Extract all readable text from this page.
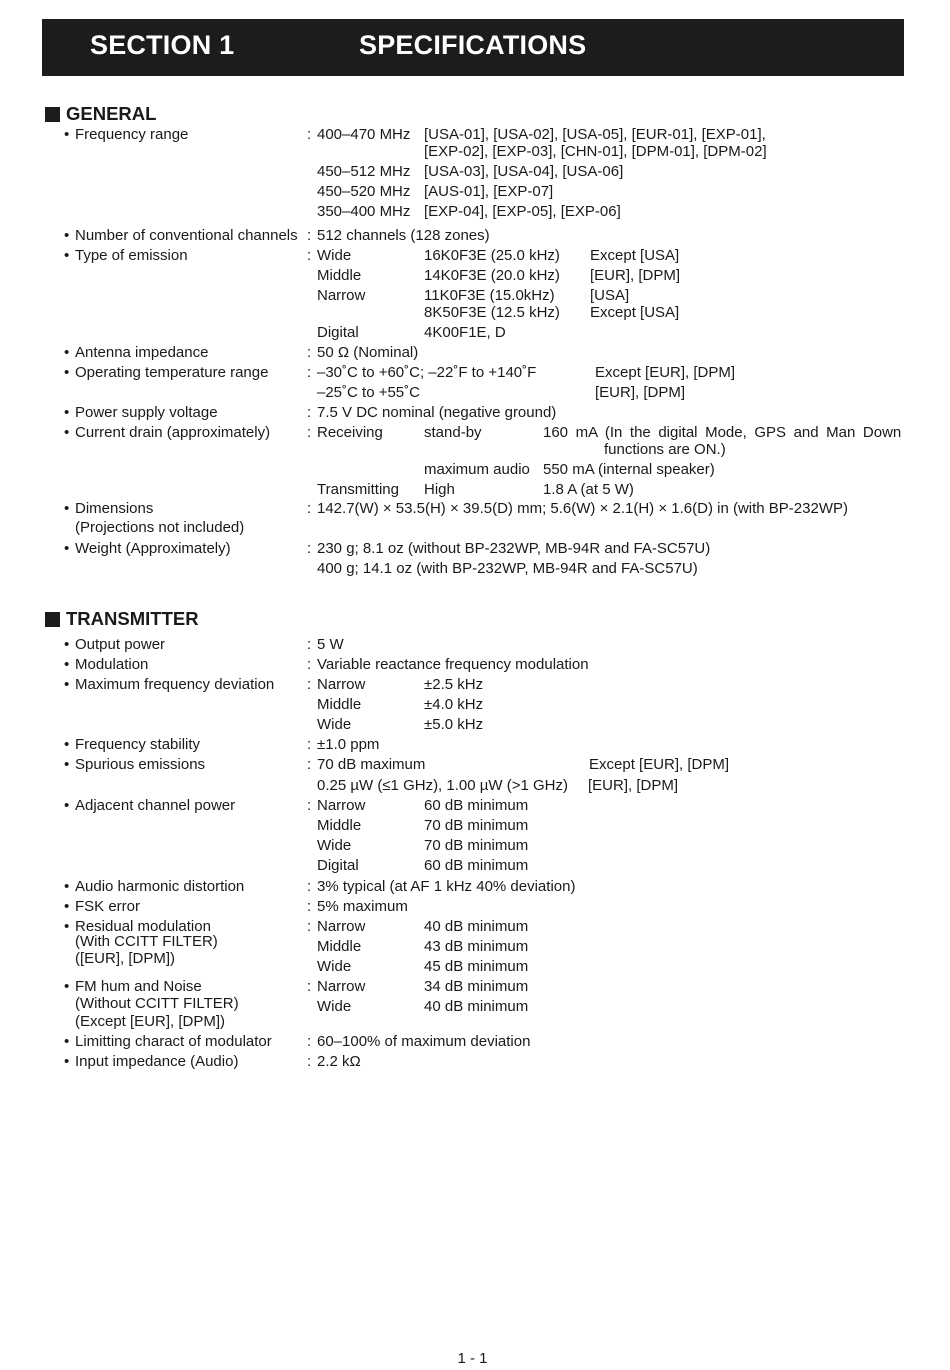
SECTION 1	SPECIFICATIONS
GENERAL
• Frequency range	: 400–470 MHz [USA-01], [USA-02], [USA-05], [EUR-01], [EXP-01],
[EXP-02], [EXP-03], [CHN-01], [DPM-01], [DPM-02]
450–512 MHz [USA-03], [USA-04], [USA-06]
450–520 MHz [AUS-01], [EXP-07]
350–400 MHz [EXP-04], [EXP-05], [EXP-06]
• Number of conventional channels : 512 channels (128 zones)
• Type of emission	: Wide	16K0F3E (25.0 kHz) Except [USA]
Middle	14K0F3E (20.0 kHz) [EUR], [DPM]
Narrow	11K0F3E (15.0kHz) [USA]
8K50F3E (12.5 kHz) Except [USA]
Digital	4K00F1E, D
• Antenna impedance	: 50 Ω (Nominal)
• Operating temperature range	: –30˚C to +60˚C; –22˚F to +140˚F	Except [EUR], [DPM]
–25˚C to +55˚C	[EUR], [DPM]
• Power supply voltage	: 7.5 V DC nominal (negative ground)
• Current drain (approximately) : Receiving	stand-by	160 mA (In the digital Mode, GPS and Man Down
functions are ON.)
maximum audio 550 mA (internal speaker)
Transmitting High	1.8 A (at 5 W)
• Dimensions
(Projections not included)
: 142.7(W) × 53.5(H) × 39.5(D) mm; 5.6(W) × 2.1(H) × 1.6(D) in (with BP-232WP)
• Weight (Approximately)	: 230 g; 8.1 oz (without BP-232WP, MB-94R and FA-SC57U)
400 g; 14.1 oz (with BP-232WP, MB-94R and FA-SC57U)
TRANSMITTER
• Output power	: 5 W
• Modulation	: Variable reactance frequency modulation
• Maximum frequency deviation : Narrow	±2.5 kHz
Middle	±4.0 kHz
Wide	±5.0 kHz
• Frequency stability	: ±1.0 ppm
• Spurious emissions	: 70 dB maximum	Except [EUR], [DPM]
0.25 µW (≤1 GHz), 1.00 µW (>1 GHz) [EUR], [DPM]
• Adjacent channel power	: Narrow	60 dB minimum
Middle	70 dB minimum
Wide	70 dB minimum
Digital	60 dB minimum
• Audio harmonic distortion	: 3% typical (at AF 1 kHz 40% deviation)
• FSK error	: 5% maximum
• Residual modulation
(With CCITT FILTER)
([EUR], [DPM])
: Narrow	40 dB minimum
Middle	43 dB minimum
Wide	45 dB minimum
• FM hum and Noise
(Without CCITT FILTER)
(Except [EUR], [DPM])
: Narrow	34 dB minimum
Wide	40 dB minimum
• Limitting charact of modulator : 60–100% of maximum deviation
• Input impedance (Audio)	: 2.2 kΩ
1 - 1
